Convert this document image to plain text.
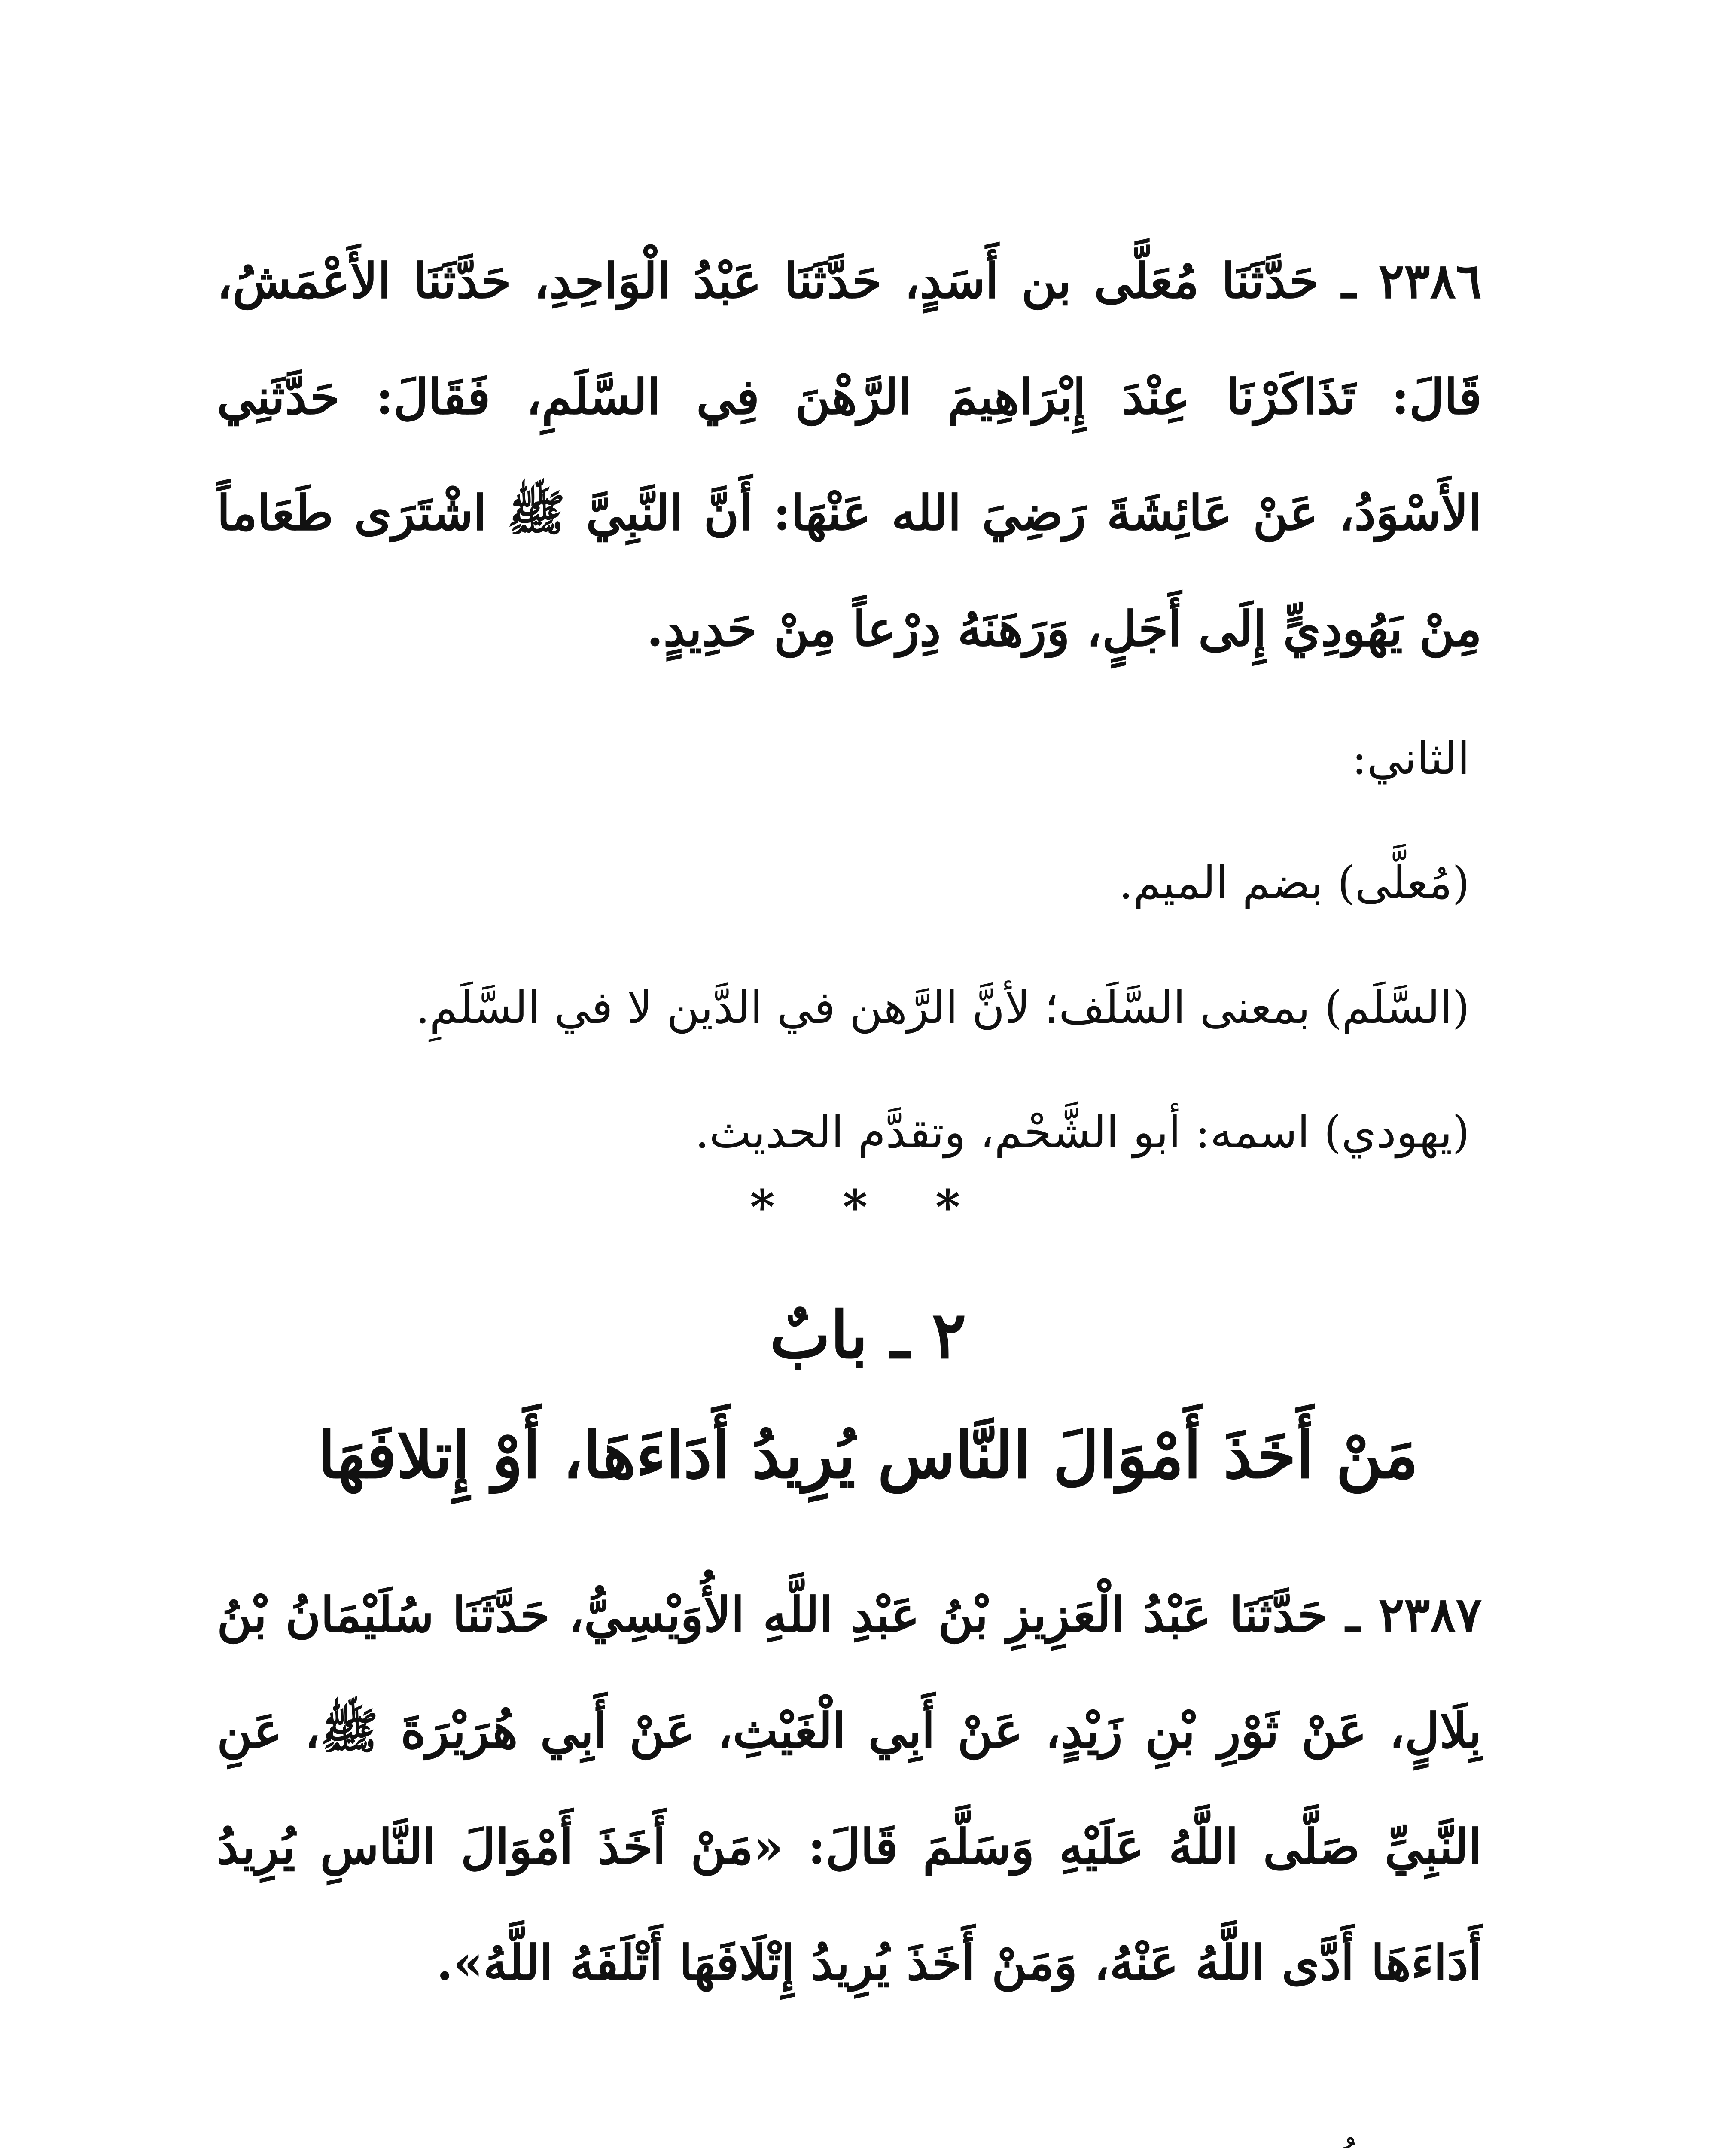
٢٣٨٦ ـ حَدَّثَنَا مُعَلَّى بن أَسَدٍ، حَدَّثَنَا عَبْدُ الْوَاحِدِ، حَدَّثَنَا الأَعْمَشُ، قَالَ: تَذَاكَرْنَا عِنْدَ إِبْرَاهِيمَ الرَّهْنَ فِي السَّلَمِ، فَقَالَ: حَدَّثَنِي الأَسْوَدُ، عَنْ عَائِشَةَ رَضِيَ الله عَنْهَا: أَنَّ النَّبِيَّ ﷺ اشْتَرَى طَعَاماً مِنْ يَهُودِيٍّ إِلَى أَجَلٍ، وَرَهَنَهُ دِرْعاً مِنْ حَدِيدٍ.

الثاني:
(مُعلَّى) بضم الميم.
(السَّلَم) بمعنى السَّلَف؛ لأنَّ الرَّهن في الدَّين لا في السَّلَمِ.
(يهودي) اسمه: أبو الشَّحْم، وتقدَّم الحديث.
* * *
٢ ـ بابٌ
مَنْ أَخَذَ أَمْوَالَ النَّاس يُرِيدُ أَدَاءَهَا، أَوْ إِتلافَهَا

٢٣٨٧ ـ حَدَّثَنَا عَبْدُ الْعَزِيزِ بْنُ عَبْدِ اللَّهِ الأُوَيْسِيُّ، حَدَّثَنَا سُلَيْمَانُ بْنُ بِلَالٍ، عَنْ ثَوْرِ بْنِ زَيْدٍ، عَنْ أَبِي الْغَيْثِ، عَنْ أَبِي هُرَيْرَةَ ﷺ، عَنِ النَّبِيِّ صَلَّى اللَّهُ عَلَيْهِ وَسَلَّمَ قَالَ: «مَنْ أَخَذَ أَمْوَالَ النَّاسِ يُرِيدُ أَدَاءَهَا أَدَّى اللَّهُ عَنْهُ، وَمَنْ أَخَذَ يُرِيدُ إِتْلَافَهَا أَتْلَفَهُ اللَّهُ».
